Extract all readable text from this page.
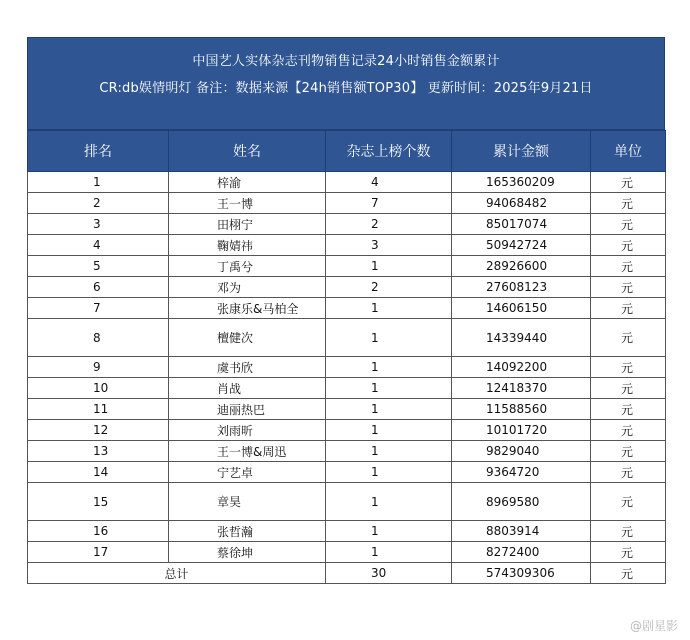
中国艺人实体杂志刊物销售记录24小时销售金额累计
CR:db娱情明灯 备注：数据来源【24h销售额TOP30】 更新时间：2025年9月21日
排名	姓名	杂志上榜个数	累计金额	单位
1	梓渝	4	165360209	元
2	王一博	7	94068482	元
3	田栩宁	2	85017074	元
4	鞠婧祎	3	50942724	元
5	丁禹兮	1	28926600	元
6	邓为	2	27608123	元
7	张康乐&马柏全	1	14606150	元
8	檀健次	1	14339440	元
9	虞书欣	1	14092200	元
10	肖战	1	12418370	元
11	迪丽热巴	1	11588560	元
12	刘雨昕	1	10101720	元
13	王一博&周迅	1	9829040	元
14	宁艺卓	1	9364720	元
15	章昊	1	8969580	元
16	张哲瀚	1	8803914	元
17	蔡徐坤	1	8272400	元
总计		30	574309306	元
@剧星影
